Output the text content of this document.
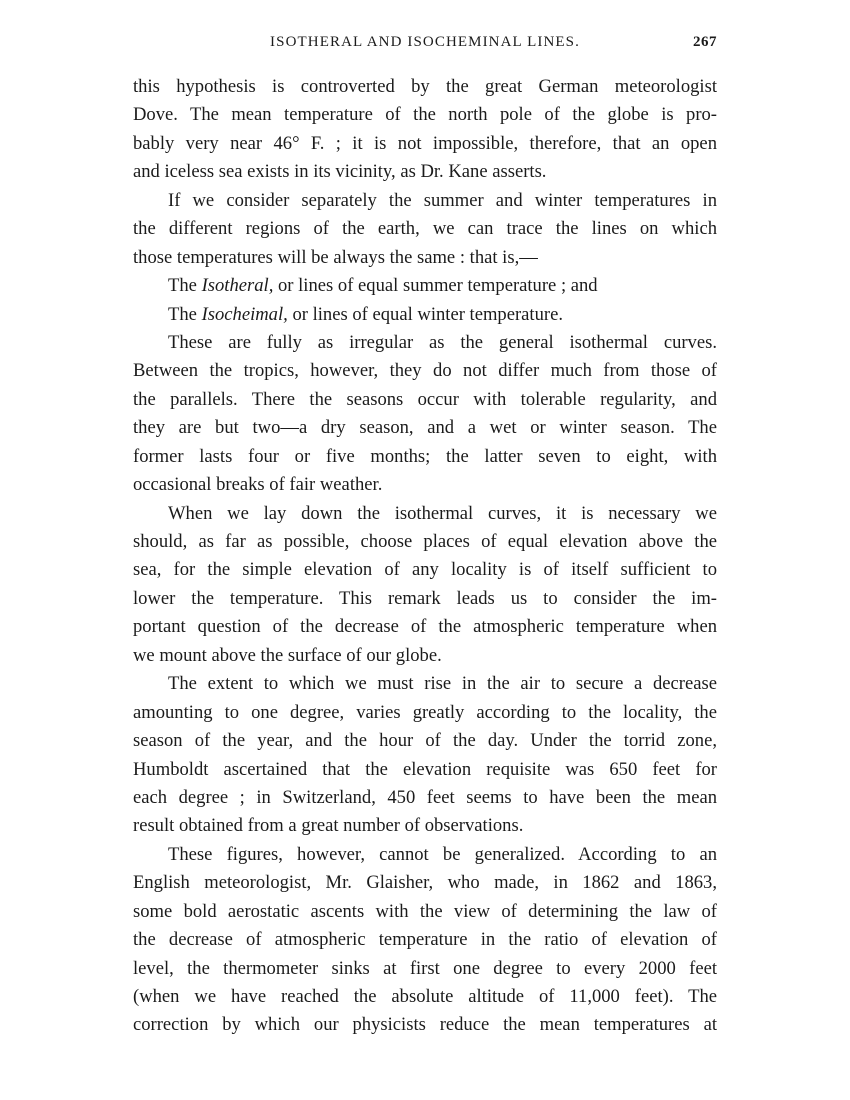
ISOTHERAL AND ISOCHEMINAL LINES.	267
this hypothesis is controverted by the great German meteorologist
Dove. The mean temperature of the north pole of the globe is pro-
bably very near 46° F. ; it is not impossible, therefore, that an open
and iceless sea exists in its vicinity, as Dr. Kane asserts.
If we consider separately the summer and winter temperatures in
the different regions of the earth, we can trace the lines on which
those temperatures will be always the same : that is,—
The Isotheral, or lines of equal summer temperature ; and
The Isocheimal, or lines of equal winter temperature.
These are fully as irregular as the general isothermal curves.
Between the tropics, however, they do not differ much from those of
the parallels. There the seasons occur with tolerable regularity, and
they are but two—a dry season, and a wet or winter season. The
former lasts four or five months; the latter seven to eight, with
occasional breaks of fair weather.
When we lay down the isothermal curves, it is necessary we
should, as far as possible, choose places of equal elevation above the
sea, for the simple elevation of any locality is of itself sufficient to
lower the temperature. This remark leads us to consider the im-
portant question of the decrease of the atmospheric temperature when
we mount above the surface of our globe.
The extent to which we must rise in the air to secure a decrease
amounting to one degree, varies greatly according to the locality, the
season of the year, and the hour of the day. Under the torrid zone,
Humboldt ascertained that the elevation requisite was 650 feet for
each degree ; in Switzerland, 450 feet seems to have been the mean
result obtained from a great number of observations.
These figures, however, cannot be generalized. According to an
English meteorologist, Mr. Glaisher, who made, in 1862 and 1863,
some bold aerostatic ascents with the view of determining the law of
the decrease of atmospheric temperature in the ratio of elevation of
level, the thermometer sinks at first one degree to every 2000 feet
(when we have reached the absolute altitude of 11,000 feet). The
correction by which our physicists reduce the mean temperatures at
